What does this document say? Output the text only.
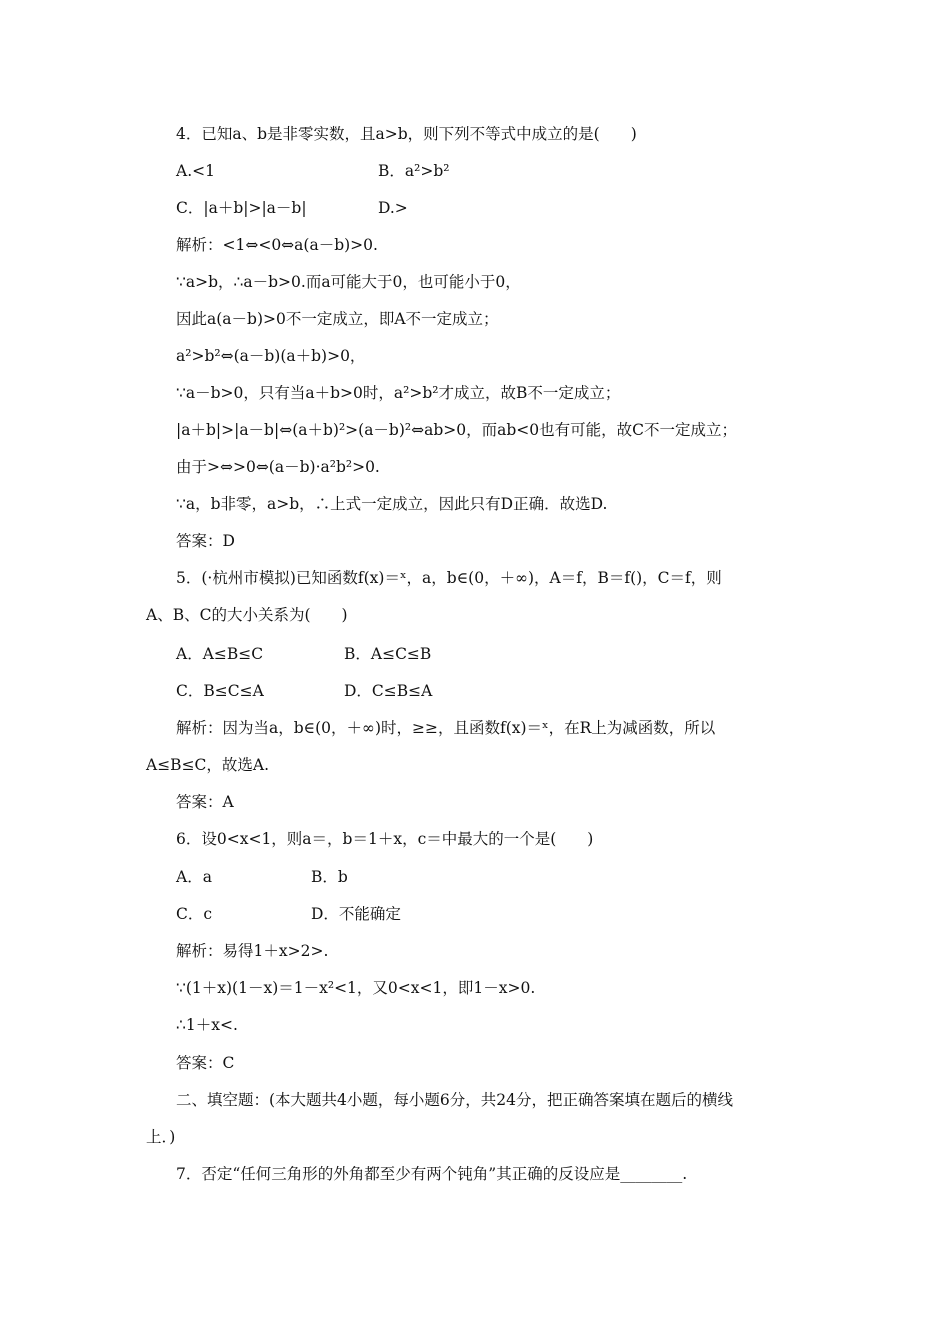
4．已知a、b是非零实数，且a>b，则下列不等式中成立的是(　　)
A.<1	B．a²>b²
C．|a＋b|>|a－b|	D.>
解析：<1⇔<0⇔a(a－b)>0.
∵a>b，∴a－b>0.而a可能大于0，也可能小于0，
因此a(a－b)>0不一定成立，即A不一定成立；
a²>b²⇔(a－b)(a＋b)>0，
∵a－b>0，只有当a＋b>0时，a²>b²才成立，故B不一定成立；
|a＋b|>|a－b|⇔(a＋b)²>(a－b)²⇔ab>0，而ab<0也有可能，故C不一定成立；
由于>⇔>0⇔(a－b)·a²b²>0.
∵a，b非零，a>b，∴上式一定成立，因此只有D正确．故选D.
答案：D
5．(·杭州市模拟)已知函数f(x)＝ˣ，a，b∈(0，＋∞)，A＝f，B＝f()，C＝f，则
A、B、C的大小关系为(　　)
A．A≤B≤C	B．A≤C≤B
C．B≤C≤A	D．C≤B≤A
解析：因为当a，b∈(0，＋∞)时，≥≥，且函数f(x)＝ˣ，在R上为减函数，所以
A≤B≤C，故选A.
答案：A
6．设0<x<1，则a＝，b＝1＋x，c＝中最大的一个是(　　)
A．a	B．b
C．c	D．不能确定
解析：易得1＋x>2>.
∵(1＋x)(1－x)＝1－x²<1，又0<x<1，即1－x>0.
∴1＋x<.
答案：C
二、填空题：(本大题共4小题，每小题6分，共24分，把正确答案填在题后的横线
上．)
7．否定“任何三角形的外角都至少有两个钝角”其正确的反设应是________.
